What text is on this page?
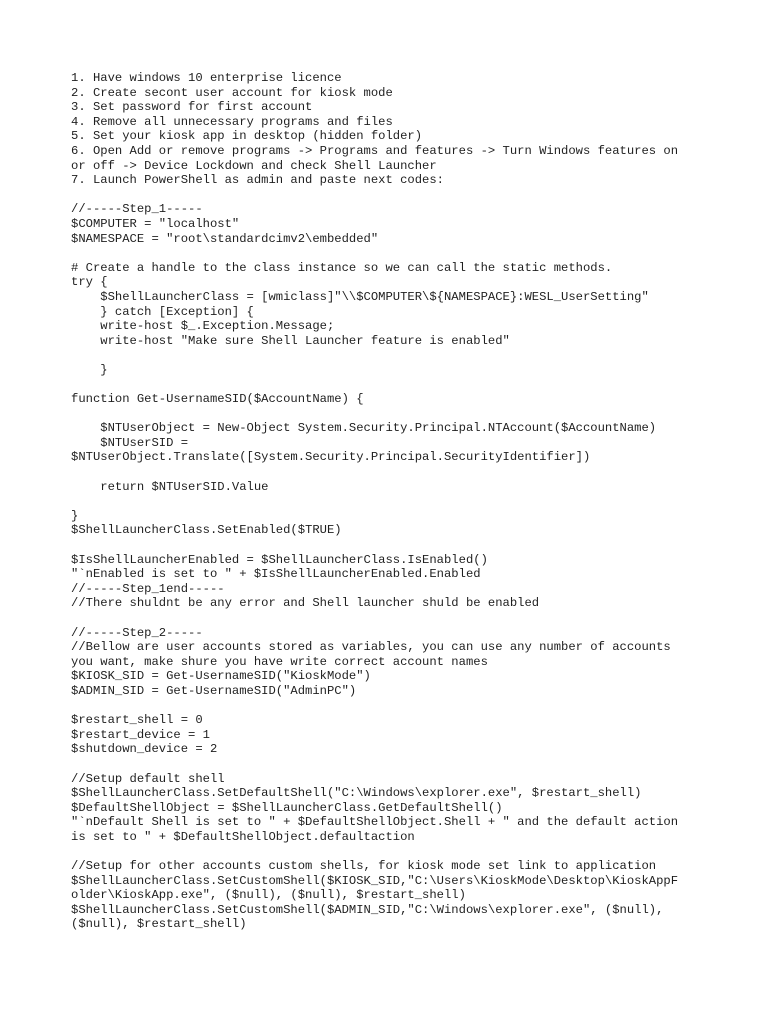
1. Have windows 10 enterprise licence
2. Create secont user account for kiosk mode
3. Set password for first account
4. Remove all unnecessary programs and files
5. Set your kiosk app in desktop (hidden folder)
6. Open Add or remove programs -> Programs and features -> Turn Windows features on
or off -> Device Lockdown and check Shell Launcher
7. Launch PowerShell as admin and paste next codes:
//-----Step_1-----
$COMPUTER = "localhost"
$NAMESPACE = "root\standardcimv2\embedded"
# Create a handle to the class instance so we can call the static methods.
try {
$ShellLauncherClass = [wmiclass]"\\$COMPUTER\${NAMESPACE}:WESL_UserSetting"
} catch [Exception] {
write-host $_.Exception.Message;
write-host "Make sure Shell Launcher feature is enabled"
}
function Get-UsernameSID($AccountName) {
$NTUserObject = New-Object System.Security.Principal.NTAccount($AccountName)
$NTUserSID =
$NTUserObject.Translate([System.Security.Principal.SecurityIdentifier])
return $NTUserSID.Value
}
$ShellLauncherClass.SetEnabled($TRUE)
$IsShellLauncherEnabled = $ShellLauncherClass.IsEnabled()
"`nEnabled is set to " + $IsShellLauncherEnabled.Enabled
//-----Step_1end-----
//There shuldnt be any error and Shell launcher shuld be enabled
//-----Step_2-----
//Bellow are user accounts stored as variables, you can use any number of accounts
you want, make shure you have write correct account names
$KIOSK_SID = Get-UsernameSID("KioskMode")
$ADMIN_SID = Get-UsernameSID("AdminPC")
$restart_shell = 0
$restart_device = 1
$shutdown_device = 2
//Setup default shell
$ShellLauncherClass.SetDefaultShell("C:\Windows\explorer.exe", $restart_shell)
$DefaultShellObject = $ShellLauncherClass.GetDefaultShell()
"`nDefault Shell is set to " + $DefaultShellObject.Shell + " and the default action
is set to " + $DefaultShellObject.defaultaction
//Setup for other accounts custom shells, for kiosk mode set link to application
$ShellLauncherClass.SetCustomShell($KIOSK_SID,"C:\Users\KioskMode\Desktop\KioskAppF
older\KioskApp.exe", ($null), ($null), $restart_shell)
$ShellLauncherClass.SetCustomShell($ADMIN_SID,"C:\Windows\explorer.exe", ($null),
($null), $restart_shell)
